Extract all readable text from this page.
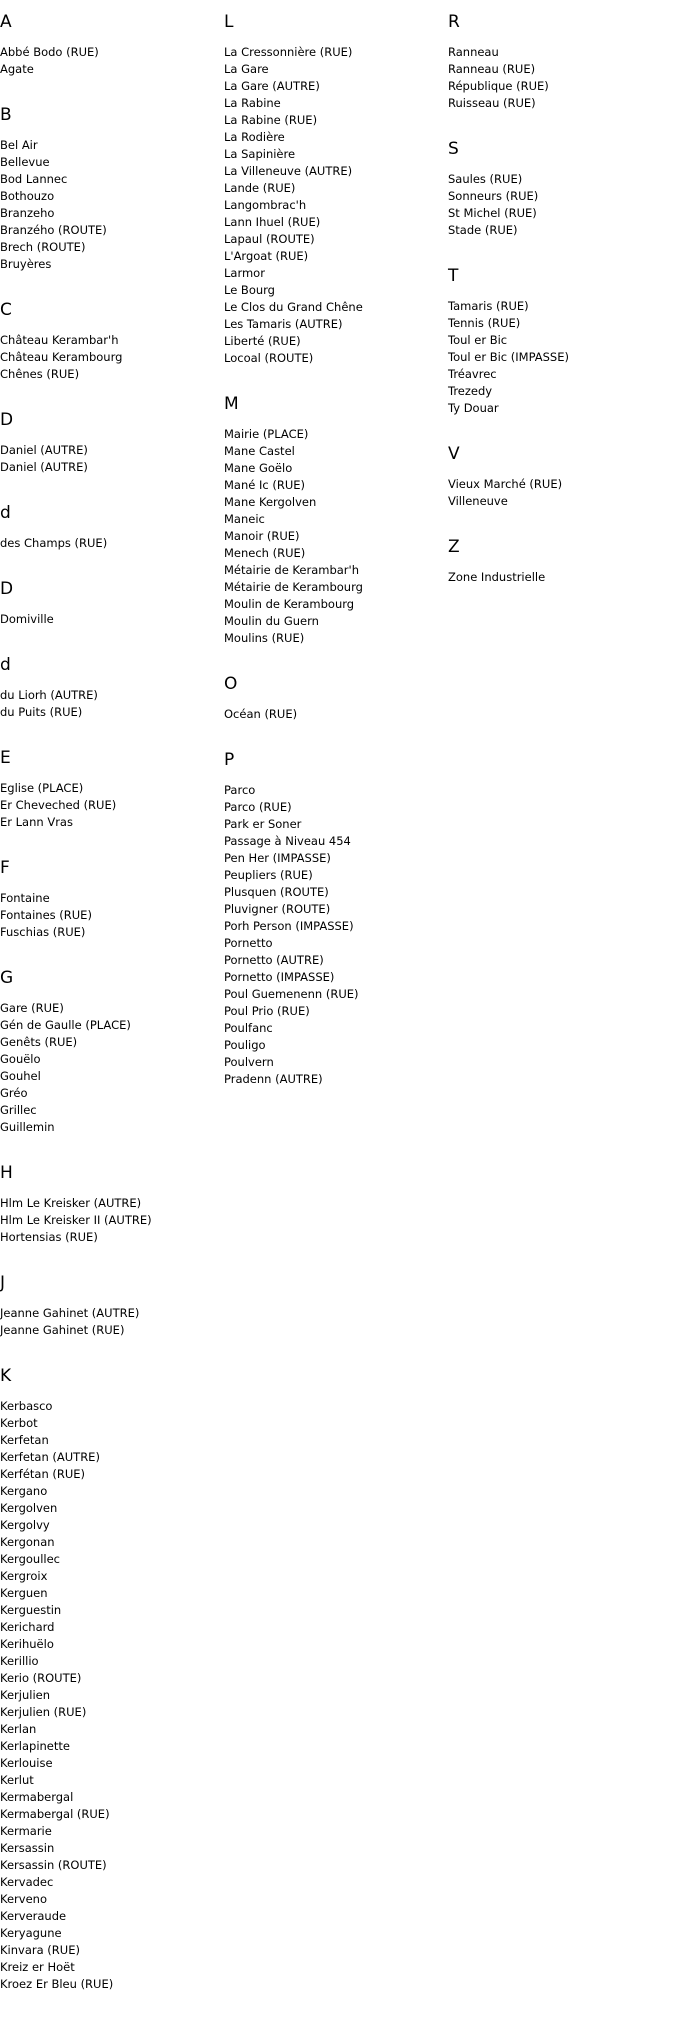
A
Abbé Bodo (RUE)
Agate
B
Bel Air
Bellevue
Bod Lannec
Bothouzo
Branzeho
Branzého (ROUTE)
Brech (ROUTE)
Bruyères
C
Château Kerambar'h
Château Kerambourg
Chênes (RUE)
D
Daniel (AUTRE)
Daniel (AUTRE)
d
des Champs (RUE)
D
Domiville
d
du Liorh (AUTRE)
du Puits (RUE)
E
Eglise (PLACE)
Er Cheveched (RUE)
Er Lann Vras
F
Fontaine
Fontaines (RUE)
Fuschias (RUE)
G
Gare (RUE)
Gén de Gaulle (PLACE)
Genêts (RUE)
Gouëlo
Gouhel
Gréo
Grillec
Guillemin
H
Hlm Le Kreisker (AUTRE)
Hlm Le Kreisker II (AUTRE)
Hortensias (RUE)
J
Jeanne Gahinet (AUTRE)
Jeanne Gahinet (RUE)
K
Kerbasco
Kerbot
Kerfetan
Kerfetan (AUTRE)
Kerfétan (RUE)
Kergano
Kergolven
Kergolvy
Kergonan
Kergoullec
Kergroix
Kerguen
Kerguestin
Kerichard
Kerihuëlo
Kerillio
Kerio (ROUTE)
Kerjulien
Kerjulien (RUE)
Kerlan
Kerlapinette
Kerlouise
Kerlut
Kermabergal
Kermabergal (RUE)
Kermarie
Kersassin
Kersassin (ROUTE)
Kervadec
Kerveno
Kerveraude
Keryagune
Kinvara (RUE)
Kreiz er Hoët
Kroez Er Bleu (RUE)
L
La Cressonnière (RUE)
La Gare
La Gare (AUTRE)
La Rabine
La Rabine (RUE)
La Rodière
La Sapinière
La Villeneuve (AUTRE)
Lande (RUE)
Langombrac'h
Lann Ihuel (RUE)
Lapaul (ROUTE)
L'Argoat (RUE)
Larmor
Le Bourg
Le Clos du Grand Chêne
Les Tamaris (AUTRE)
Liberté (RUE)
Locoal (ROUTE)
M
Mairie (PLACE)
Mane Castel
Mane Goëlo
Mané Ic (RUE)
Mane Kergolven
Maneic
Manoir (RUE)
Menech (RUE)
Métairie de Kerambar'h
Métairie de Kerambourg
Moulin de Kerambourg
Moulin du Guern
Moulins (RUE)
O
Océan (RUE)
P
Parco
Parco (RUE)
Park er Soner
Passage à Niveau 454
Pen Her (IMPASSE)
Peupliers (RUE)
Plusquen (ROUTE)
Pluvigner (ROUTE)
Porh Person (IMPASSE)
Pornetto
Pornetto (AUTRE)
Pornetto (IMPASSE)
Poul Guemenenn (RUE)
Poul Prio (RUE)
Poulfanc
Pouligo
Poulvern
Pradenn (AUTRE)
R
Ranneau
Ranneau (RUE)
République (RUE)
Ruisseau (RUE)
S
Saules (RUE)
Sonneurs (RUE)
St Michel (RUE)
Stade (RUE)
T
Tamaris (RUE)
Tennis (RUE)
Toul er Bic
Toul er Bic (IMPASSE)
Tréavrec
Trezedy
Ty Douar
V
Vieux Marché (RUE)
Villeneuve
Z
Zone Industrielle
